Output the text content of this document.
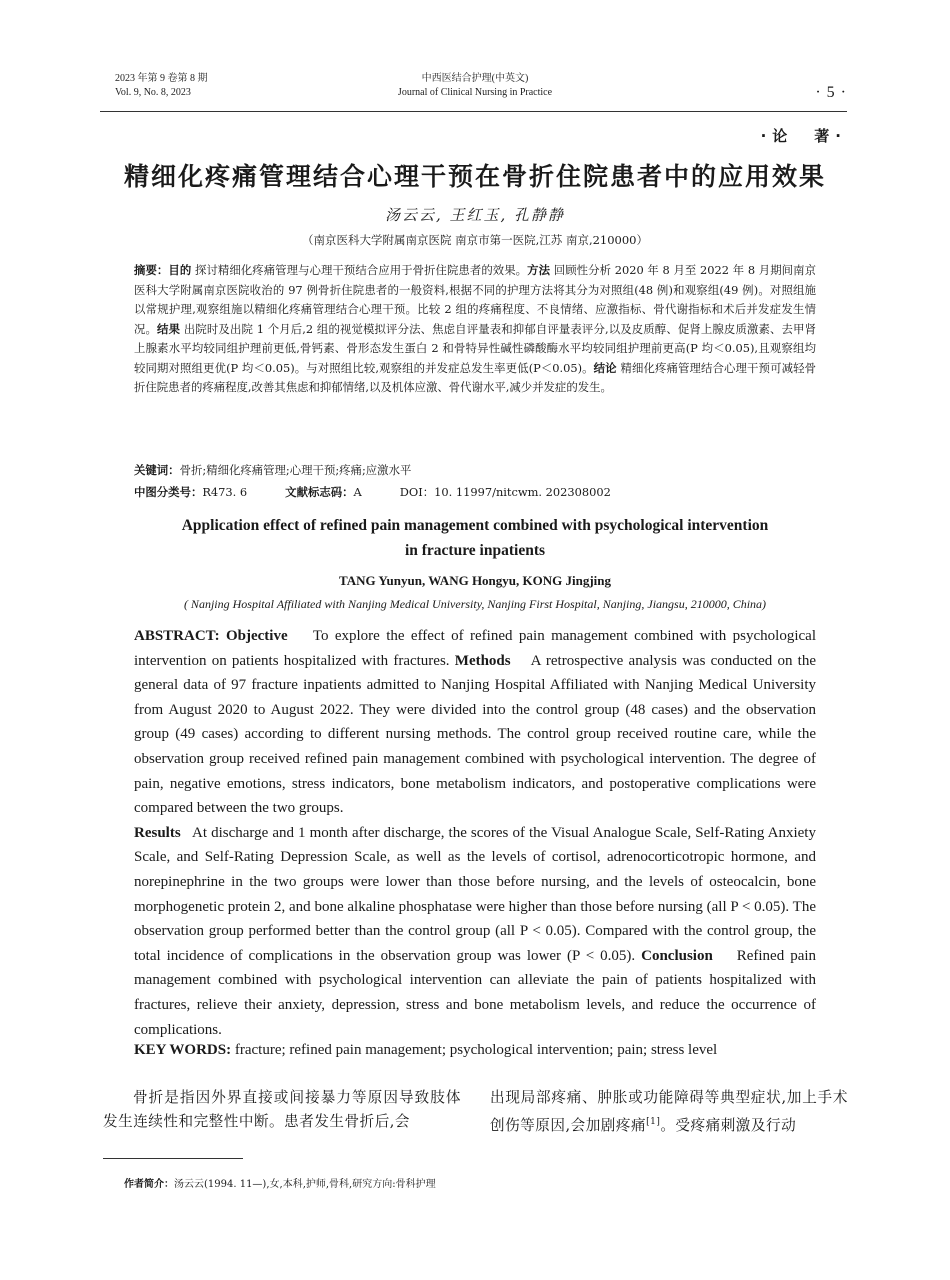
2023 年第 9 卷第 8 期
Vol. 9, No. 8, 2023
中西医结合护理(中英文)
Journal of Clinical Nursing in Practice	· 5 ·
·论　著·
精细化疼痛管理结合心理干预在骨折住院患者中的应用效果
汤云云, 王红玉, 孔静静
（南京医科大学附属南京医院 南京市第一医院,江苏 南京,210000）
摘要：目的 探讨精细化疼痛管理与心理干预结合应用于骨折住院患者的效果。方法 回顾性分析 2020 年 8 月至 2022 年 8 月期间南京医科大学附属南京医院收治的 97 例骨折住院患者的一般资料,根据不同的护理方法将其分为对照组(48 例)和观察组(49 例)。对照组施以常规护理,观察组施以精细化疼痛管理结合心理干预。比较 2 组的疼痛程度、不良情绪、应激指标、骨代谢指标和术后并发症发生情况。结果 出院时及出院 1 个月后,2 组的视觉模拟评分法、焦虑自评量表和抑郁自评量表评分,以及皮质醇、促肾上腺皮质激素、去甲肾上腺素水平均较同组护理前更低,骨钙素、骨形态发生蛋白 2 和骨特异性碱性磷酸酶水平均较同组护理前更高(P 均＜0.05),且观察组均较同期对照组更优(P 均＜0.05)。与对照组比较,观察组的并发症总发生率更低(P＜0.05)。结论 精细化疼痛管理结合心理干预可减轻骨折住院患者的疼痛程度,改善其焦虑和抑郁情绪,以及机体应激、骨代谢水平,减少并发症的发生。
关键词：骨折;精细化疼痛管理;心理干预;疼痛;应激水平
中图分类号：R473. 6	文献标志码：A	DOI：10. 11997/nitcwm. 202308002
Application effect of refined pain management combined with psychological intervention
in fracture inpatients
TANG Yunyun, WANG Hongyu, KONG Jingjing
( Nanjing Hospital Affiliated with Nanjing Medical University, Nanjing First Hospital, Nanjing, Jiangsu, 210000, China)
ABSTRACT: Objective To explore the effect of refined pain management combined with psychological intervention on patients hospitalized with fractures. Methods A retrospective analysis was conducted on the general data of 97 fracture inpatients admitted to Nanjing Hospital Affiliated with Nanjing Medical University from August 2020 to August 2022. They were divided into the control group (48 cases) and the observation group (49 cases) according to different nursing methods. The control group received routine care, while the observation group received refined pain management combined with psychological intervention. The degree of pain, negative emotions, stress indicators, bone metabolism indicators, and postoperative complications were compared between the two groups.
Results At discharge and 1 month after discharge, the scores of the Visual Analogue Scale, Self-Rating Anxiety Scale, and Self-Rating Depression Scale, as well as the levels of cortisol, adrenocorticotropic hormone, and norepinephrine in the two groups were lower than those before nursing, and the levels of osteocalcin, bone morphogenetic protein 2, and bone alkaline phosphatase were higher than those before nursing (all P < 0.05). The observation group performed better than the control group (all P < 0.05). Compared with the control group, the total incidence of complications in the observation group was lower (P < 0.05). Conclusion Refined pain management combined with psychological intervention can alleviate the pain of patients hospitalized with fractures, relieve their anxiety, depression, stress and bone metabolism levels, and reduce the occurrence of complications.
KEY WORDS: fracture; refined pain management; psychological intervention; pain; stress level
骨折是指因外界直接或间接暴力等原因导致肢体发生连续性和完整性中断。患者发生骨折后,会
出现局部疼痛、肿胀或功能障碍等典型症状,加上手术创伤等原因,会加剧疼痛[1]。受疼痛刺激及行动
作者简介：汤云云(1994. 11—),女,本科,护师,骨科,研究方向:骨科护理
